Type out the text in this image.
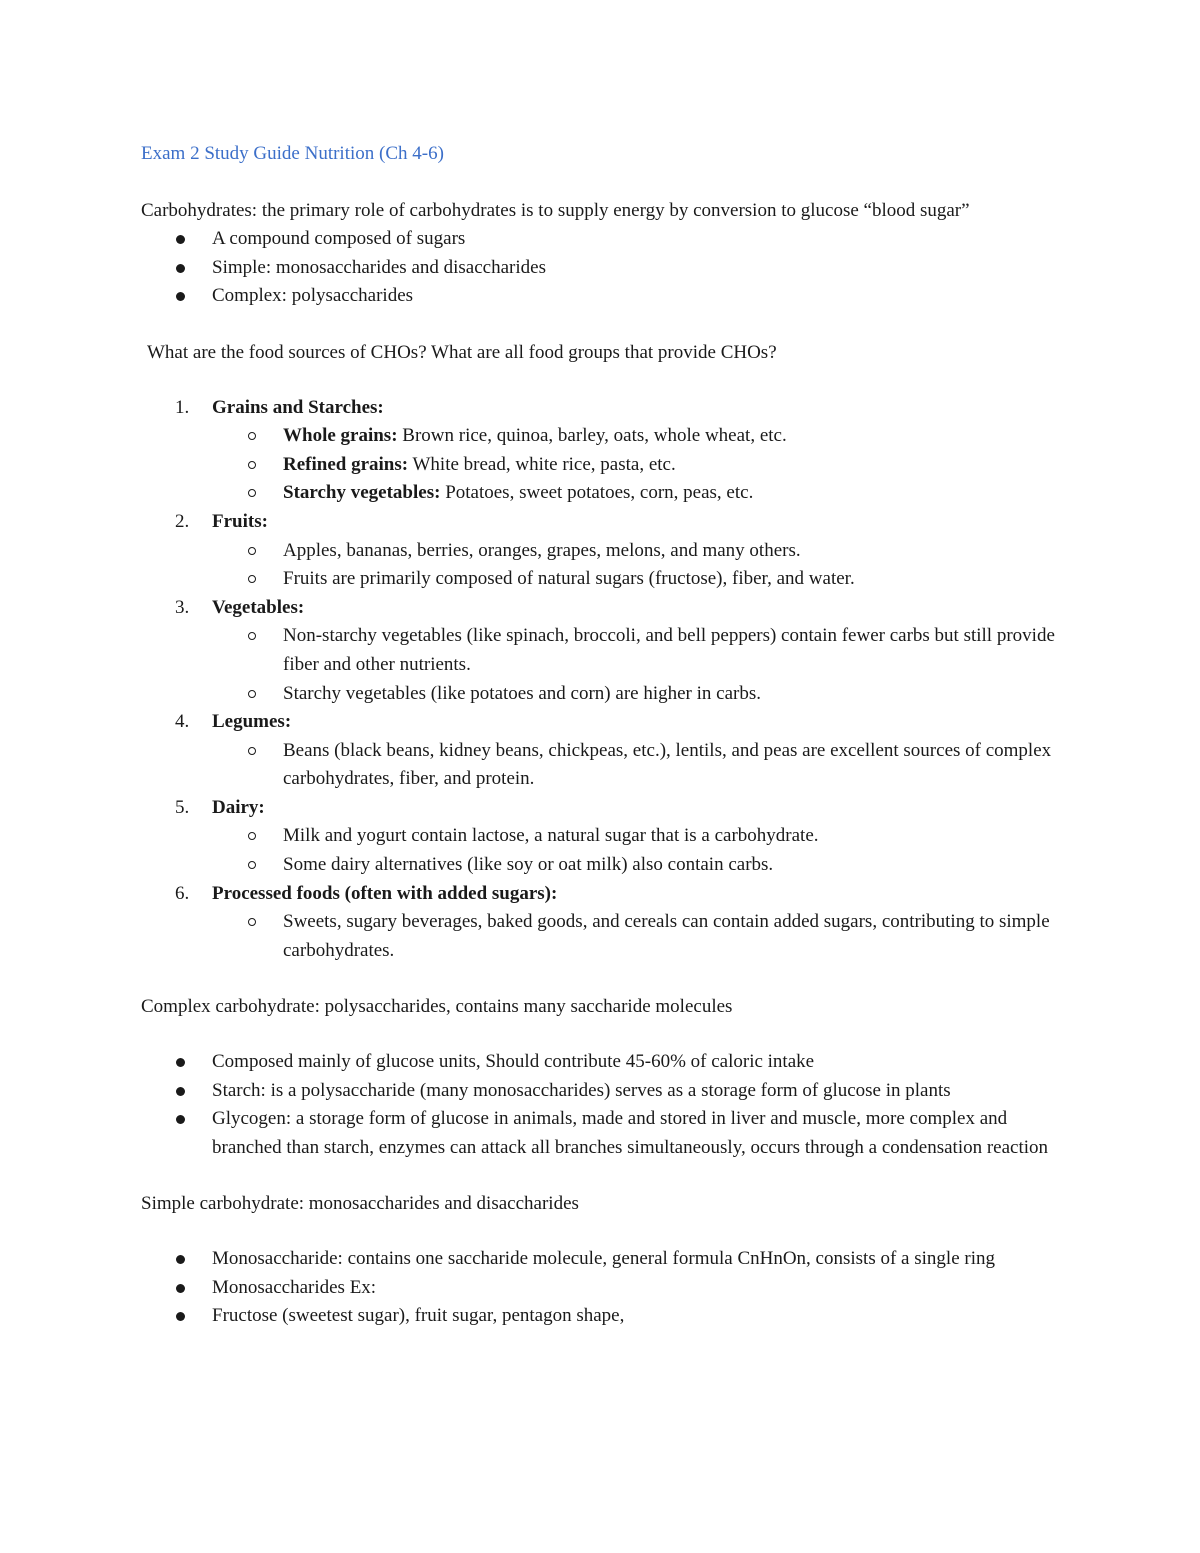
Exam 2 Study Guide Nutrition (Ch 4-6)

Carbohydrates: the primary role of carbohydrates is to supply energy by conversion to glucose “blood sugar”

A compound composed of sugars
Simple: monosaccharides and disaccharides
Complex: polysaccharides

What are the food sources of CHOs? What are all food groups that provide CHOs?

1. Grains and Starches:
Whole grains: Brown rice, quinoa, barley, oats, whole wheat, etc.
Refined grains: White bread, white rice, pasta, etc.
Starchy vegetables: Potatoes, sweet potatoes, corn, peas, etc.
2. Fruits:
Apples, bananas, berries, oranges, grapes, melons, and many others.
Fruits are primarily composed of natural sugars (fructose), fiber, and water.
3. Vegetables:
Non-starchy vegetables (like spinach, broccoli, and bell peppers) contain fewer carbs but still provide fiber and other nutrients.
Starchy vegetables (like potatoes and corn) are higher in carbs.
4. Legumes:
Beans (black beans, kidney beans, chickpeas, etc.), lentils, and peas are excellent sources of complex carbohydrates, fiber, and protein.
5. Dairy:
Milk and yogurt contain lactose, a natural sugar that is a carbohydrate.
Some dairy alternatives (like soy or oat milk) also contain carbs.
6. Processed foods (often with added sugars):
Sweets, sugary beverages, baked goods, and cereals can contain added sugars, contributing to simple carbohydrates.

Complex carbohydrate: polysaccharides, contains many saccharide molecules

Composed mainly of glucose units, Should contribute 45-60% of caloric intake
Starch: is a polysaccharide (many monosaccharides) serves as a storage form of glucose in plants
Glycogen: a storage form of glucose in animals, made and stored in liver and muscle, more complex and branched than starch, enzymes can attack all branches simultaneously, occurs through a condensation reaction

Simple carbohydrate: monosaccharides and disaccharides

Monosaccharide: contains one saccharide molecule, general formula CnHnOn, consists of a single ring
Monosaccharides Ex:
Fructose (sweetest sugar), fruit sugar, pentagon shape,
